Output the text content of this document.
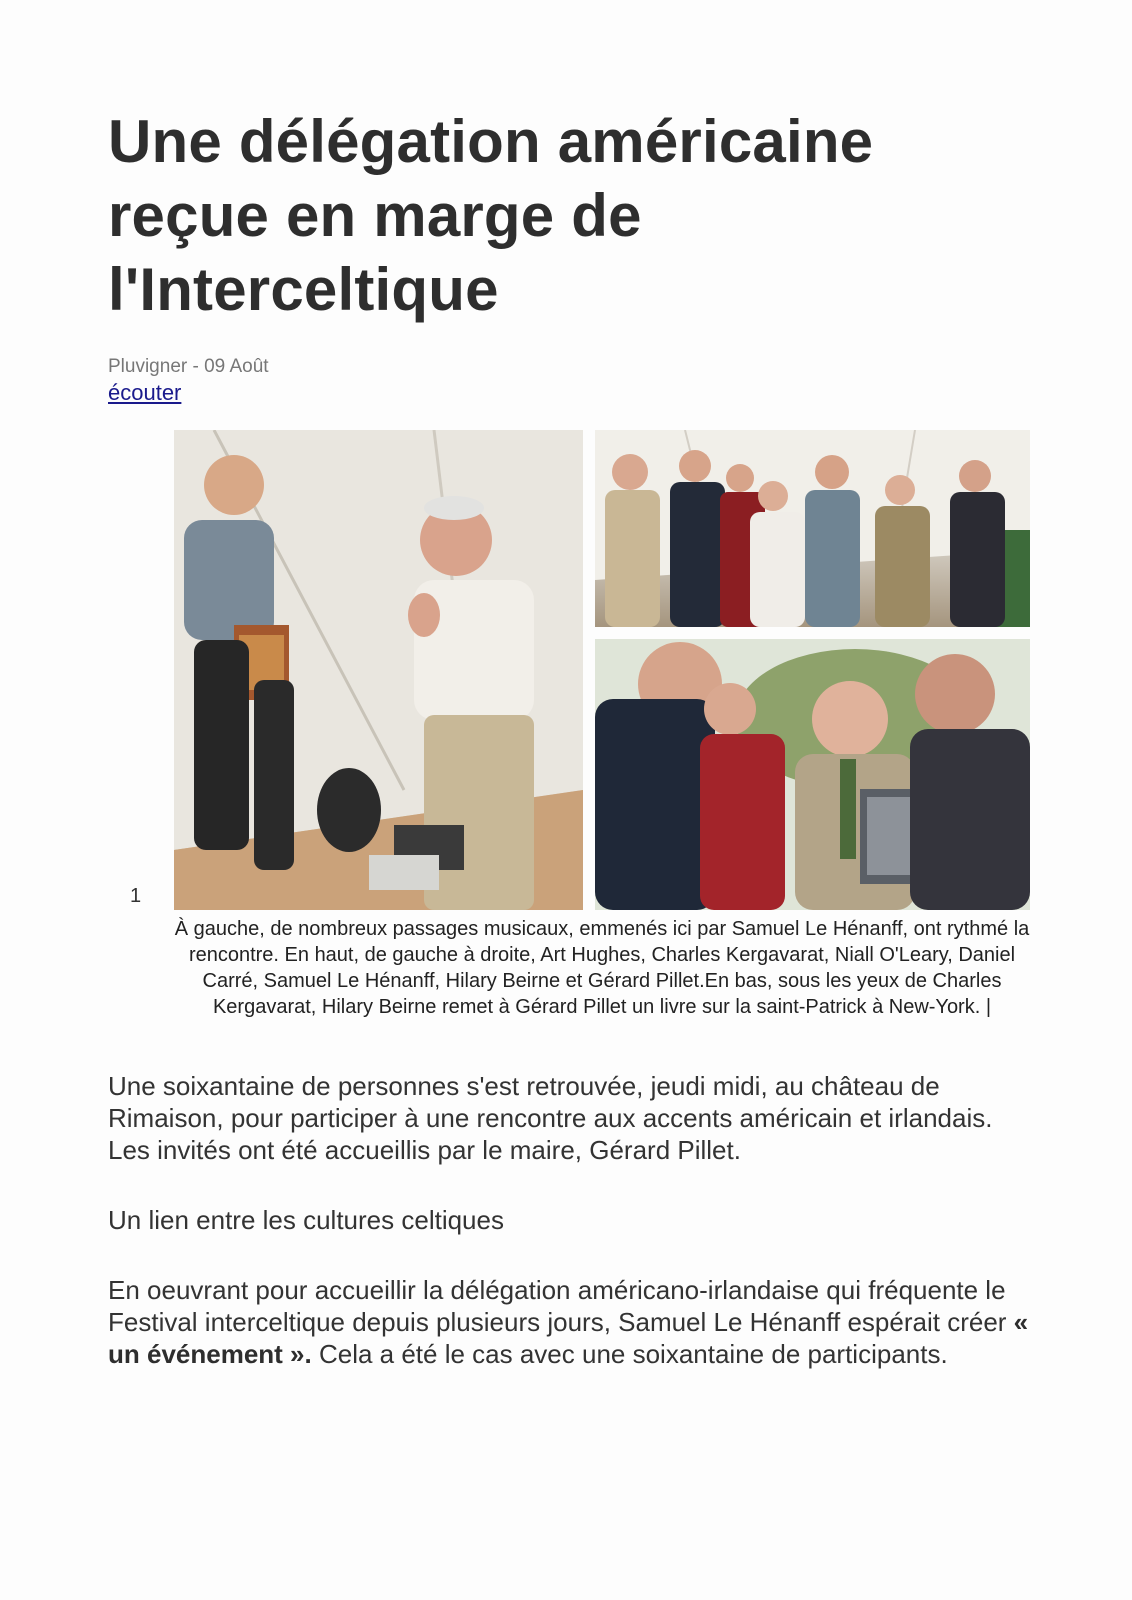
Une délégation américaine reçue en marge de l'Interceltique
Pluvigner - 09 Août
écouter
1
À gauche, de nombreux passages musicaux, emmenés ici par Samuel Le Hénanff, ont rythmé la rencontre. En haut, de gauche à droite, Art Hughes, Charles Kergavarat, Niall O'Leary, Daniel Carré, Samuel Le Hénanff, Hilary Beirne et Gérard Pillet.En bas, sous les yeux de Charles Kergavarat, Hilary Beirne remet à Gérard Pillet un livre sur la saint-Patrick à New-York. |

Une soixantaine de personnes s'est retrouvée, jeudi midi, au château de Rimaison, pour participer à une rencontre aux accents américain et irlandais. Les invités ont été accueillis par le maire, Gérard Pillet.

Un lien entre les cultures celtiques

En oeuvrant pour accueillir la délégation américano-irlandaise qui fréquente le Festival interceltique depuis plusieurs jours, Samuel Le Hénanff espérait créer « un événement ». Cela a été le cas avec une soixantaine de participants.
